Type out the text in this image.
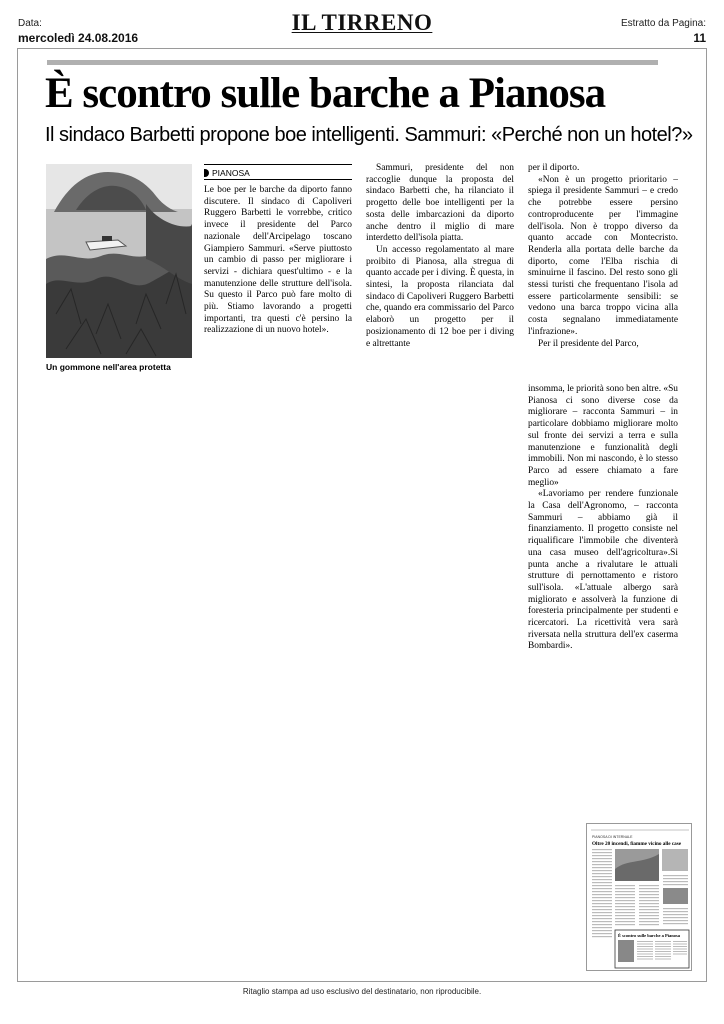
Data:
mercoledì 24.08.2016
IL TIRRENO	Estratto da Pagina:
11
È scontro sulle barche a Pianosa
Il sindaco Barbetti propone boe intelligenti. Sammuri: «Perché non un hotel?»
Un gommone nell'area protetta
PIANOSA

Le boe per le barche da diporto fanno discutere. Il sindaco di Capoliveri Ruggero Barbetti le vorrebbe, critico invece il presidente del Parco nazionale dell'Arcipelago toscano Giampiero Sammuri. «Serve piuttosto un cambio di passo per migliorare i servizi - dichiara quest'ultimo - e la manutenzione delle strutture dell'isola. Su questo il Parco può fare molto di più. Stiamo lavorando a progetti importanti, tra questi c'è persino la realizzazione di un nuovo hotel».

Sammuri, presidente del non raccoglie dunque la proposta del sindaco Barbetti che, ha rilanciato il progetto delle boe intelligenti per la sosta delle imbarcazioni da diporto anche dentro il miglio di mare interdetto dell'isola piatta.

Un accesso regolamentato al mare proibito di Pianosa, alla stregua di quanto accade per i diving. È questa, in sintesi, la proposta rilanciata dal sindaco di Capoliveri Ruggero Barbetti che, quando era commissario del Parco elaborò un progetto per il posizionamento di 12 boe per i diving e altrettante

per il diporto.

«Non è un progetto prioritario – spiega il presidente Sammuri – e credo che potrebbe essere persino controproducente per l'immagine dell'isola. Non è troppo diverso da quanto accade con Montecristo. Renderla alla portata delle barche da diporto, come l'Elba rischia di sminuirne il fascino. Del resto sono gli stessi turisti che frequentano l'isola ad essere particolarmente sensibili: se vedono una barca troppo vicina alla costa segnalano immediatamente l'infrazione».

Per il presidente del Parco,

insomma, le priorità sono ben altre. «Su Pianosa ci sono diverse cose da migliorare – racconta Sammuri – in particolare dobbiamo migliorare molto sul fronte dei servizi a terra e sulla manutenzione e funzionalità degli immobili. Non mi nascondo, è lo stesso Parco ad essere chiamato a fare meglio»

«Lavoriamo per rendere funzionale la Casa dell'Agronomo, – racconta Sammuri – abbiamo già il finanziamento. Il progetto consiste nel riqualificare l'immobile che diventerà una casa museo dell'agricoltura».Si punta anche a rivalutare le attuali strutture di pernottamento e ristoro sull'isola. «L'attuale albergo sarà migliorato e assolverà la funzione di foresteria principalmente per studenti e ricercatori. La ricettività vera sarà riversata nella struttura dell'ex caserma Bombardi».

PIANOSA DI INTERNALE
Oltre 20 incendi, fiamme vicino alle case
È scontro sulle barche a Pianosa
Ritaglio stampa ad uso esclusivo del destinatario, non riproducibile.
